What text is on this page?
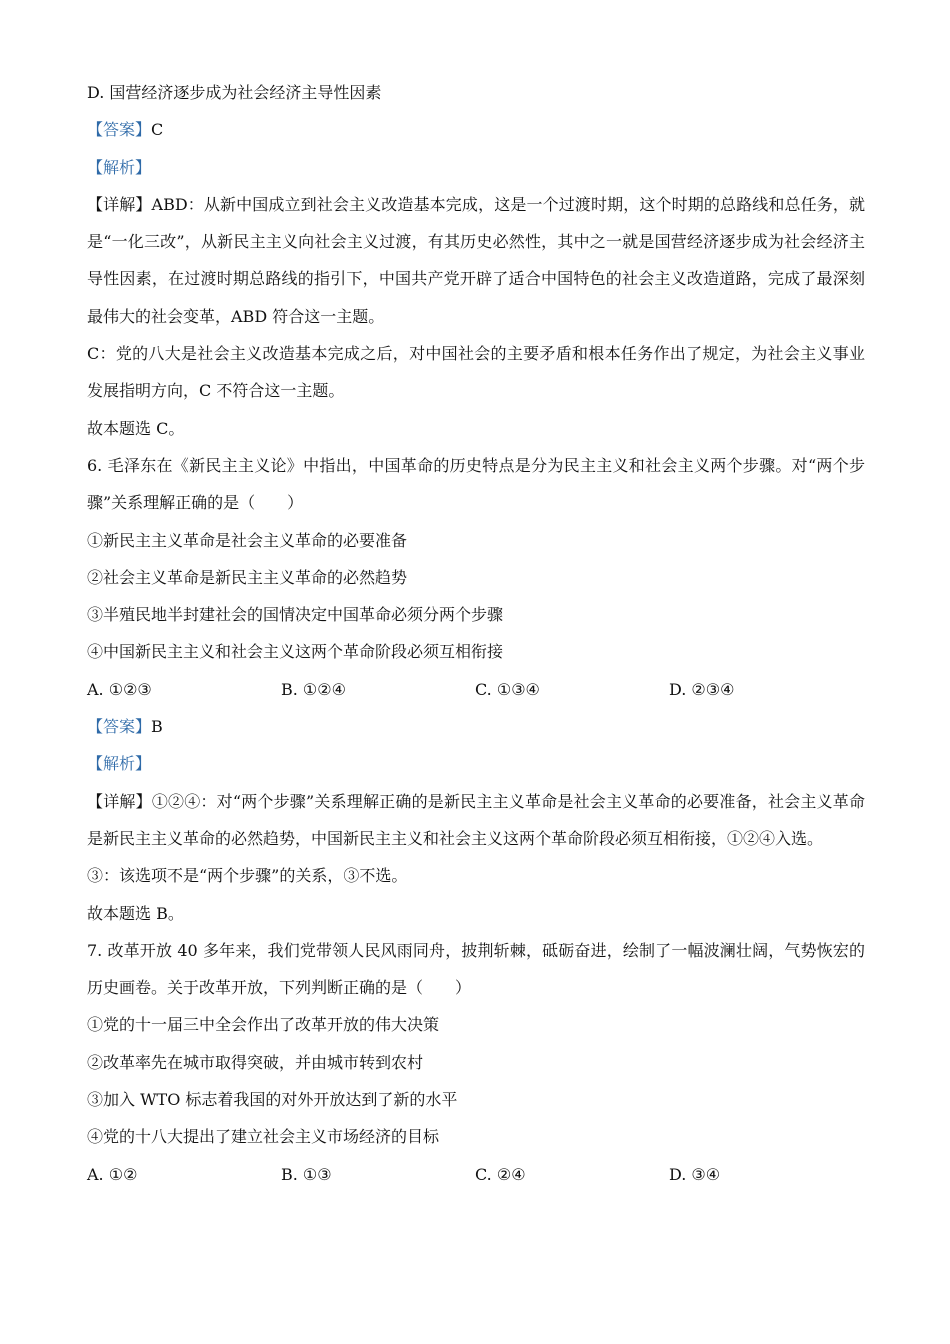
D. 国营经济逐步成为社会经济主导性因素
【答案】C
【解析】
【详解】ABD：从新中国成立到社会主义改造基本完成，这是一个过渡时期，这个时期的总路线和总任务，就是“一化三改”，从新民主主义向社会主义过渡，有其历史必然性，其中之一就是国营经济逐步成为社会经济主导性因素，在过渡时期总路线的指引下，中国共产党开辟了适合中国特色的社会主义改造道路，完成了最深刻最伟大的社会变革，ABD 符合这一主题。
C：党的八大是社会主义改造基本完成之后，对中国社会的主要矛盾和根本任务作出了规定，为社会主义事业发展指明方向，C 不符合这一主题。
故本题选 C。
6. 毛泽东在《新民主主义论》中指出，中国革命的历史特点是分为民主主义和社会主义两个步骤。对“两个步骤”关系理解正确的是（　　）
①新民主主义革命是社会主义革命的必要准备
②社会主义革命是新民主主义革命的必然趋势
③半殖民地半封建社会的国情决定中国革命必须分两个步骤
④中国新民主主义和社会主义这两个革命阶段必须互相衔接
A. ①②③	B. ①②④	C. ①③④	D. ②③④
【答案】B
【解析】
【详解】①②④：对“两个步骤”关系理解正确的是新民主主义革命是社会主义革命的必要准备，社会主义革命是新民主主义革命的必然趋势，中国新民主主义和社会主义这两个革命阶段必须互相衔接，①②④入选。
③：该选项不是“两个步骤”的关系，③不选。
故本题选 B。
7. 改革开放 40 多年来，我们党带领人民风雨同舟，披荆斩棘，砥砺奋进，绘制了一幅波澜壮阔，气势恢宏的历史画卷。关于改革开放，下列判断正确的是（　　）
①党的十一届三中全会作出了改革开放的伟大决策
②改革率先在城市取得突破，并由城市转到农村
③加入 WTO 标志着我国的对外开放达到了新的水平
④党的十八大提出了建立社会主义市场经济的目标
A. ①②	B. ①③	C. ②④	D. ③④
